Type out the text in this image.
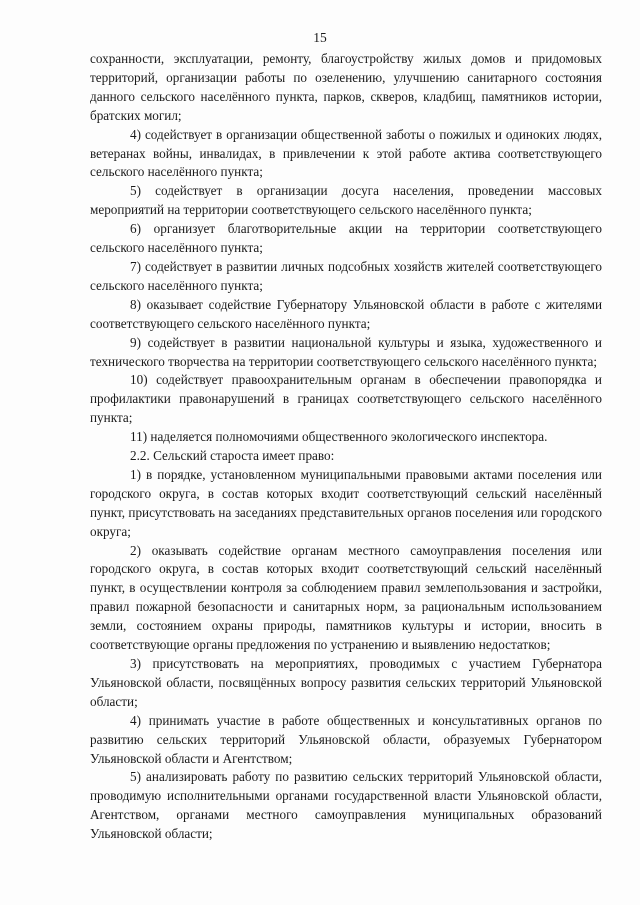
15

сохранности, эксплуатации, ремонту, благоустройству жилых домов и придомовых территорий, организации работы по озеленению, улучшению санитарного состояния данного сельского населённого пункта, парков, скверов, кладбищ, памятников истории, братских могил;

4) содействует в организации общественной заботы о пожилых и одиноких людях, ветеранах войны, инвалидах, в привлечении к этой работе актива соответствующего сельского населённого пункта;

5) содействует в организации досуга населения, проведении массовых мероприятий на территории соответствующего сельского населённого пункта;

6) организует благотворительные акции на территории соответствующего сельского населённого пункта;

7) содействует в развитии личных подсобных хозяйств жителей соответствующего сельского населённого пункта;

8) оказывает содействие Губернатору Ульяновской области в работе с жителями соответствующего сельского населённого пункта;

9) содействует в развитии национальной культуры и языка, художественного и технического творчества на территории соответствующего сельского населённого пункта;

10) содействует правоохранительным органам в обеспечении правопорядка и профилактики правонарушений в границах соответствующего сельского населённого пункта;

11) наделяется полномочиями общественного экологического инспектора.

2.2. Сельский староста имеет право:

1) в порядке, установленном муниципальными правовыми актами поселения или городского округа, в состав которых входит соответствующий сельский населённый пункт, присутствовать на заседаниях представительных органов поселения или городского округа;

2) оказывать содействие органам местного самоуправления поселения или городского округа, в состав которых входит соответствующий сельский населённый пункт, в осуществлении контроля за соблюдением правил землепользования и застройки, правил пожарной безопасности и санитарных норм, за рациональным использованием земли, состоянием охраны природы, памятников культуры и истории, вносить в соответствующие органы предложения по устранению и выявлению недостатков;

3) присутствовать на мероприятиях, проводимых с участием Губернатора Ульяновской области, посвящённых вопросу развития сельских территорий Ульяновской области;

4) принимать участие в работе общественных и консультативных органов по развитию сельских территорий Ульяновской области, образуемых Губернатором Ульяновской области и Агентством;

5) анализировать работу по развитию сельских территорий Ульяновской области, проводимую исполнительными органами государственной власти Ульяновской области, Агентством, органами местного самоуправления муниципальных образований Ульяновской области;
